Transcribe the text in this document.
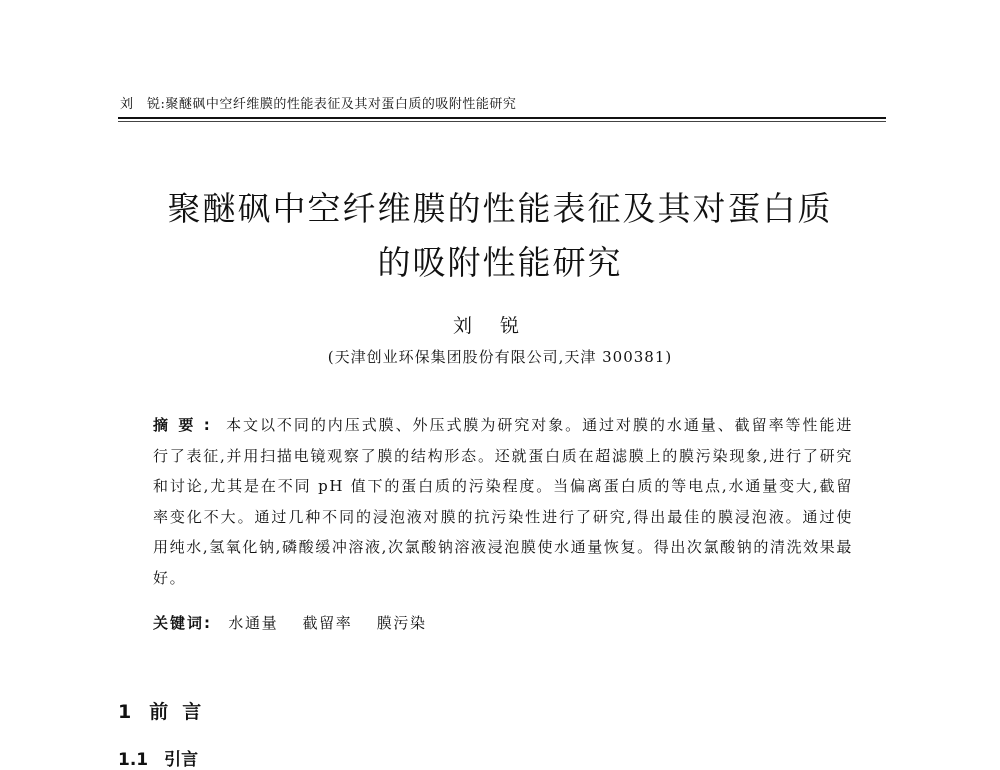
刘　锐:聚醚砜中空纤维膜的性能表征及其对蛋白质的吸附性能研究
聚醚砜中空纤维膜的性能表征及其对蛋白质
的吸附性能研究
刘锐
(天津创业环保集团股份有限公司,天津 300381)
摘要: 本文以不同的内压式膜、外压式膜为研究对象。通过对膜的水通量、截留率等性能进行了表征,并用扫描电镜观察了膜的结构形态。还就蛋白质在超滤膜上的膜污染现象,进行了研究和讨论,尤其是在不同 pH 值下的蛋白质的污染程度。当偏离蛋白质的等电点,水通量变大,截留率变化不大。通过几种不同的浸泡液对膜的抗污染性进行了研究,得出最佳的膜浸泡液。通过使用纯水,氢氧化钠,磷酸缓冲溶液,次氯酸钠溶液浸泡膜使水通量恢复。得出次氯酸钠的清洗效果最好。
关键词: 水通量 截留率 膜污染
1 前言
1.1 引言
